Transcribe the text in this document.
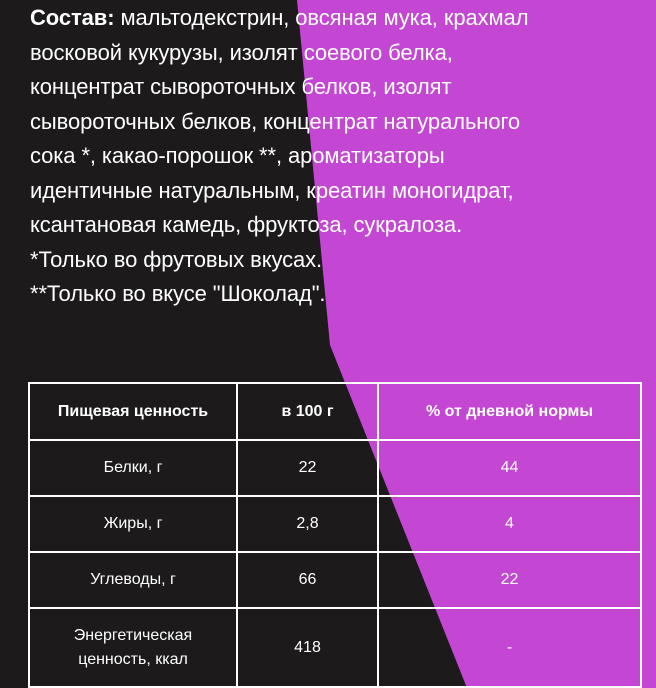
Состав: мальтодекстрин, овсяная мука, крахмал
восковой кукурузы, изолят соевого белка,
концентрат сывороточных белков, изолят
сывороточных белков, концентрат натурального
сока *, какао-порошок **, ароматизаторы
идентичные натуральным, креатин моногидрат,
ксантановая камедь, фруктоза, сукралоза.
*Только во фрутовых вкусах.
**Только во вкусе "Шоколад".

Пищевая ценность	в 100 г	% от дневной нормы
Белки, г	22	44
Жиры, г	2,8	4
Углеводы, г	66	22
Энергетическая
ценность, ккал	418	-
